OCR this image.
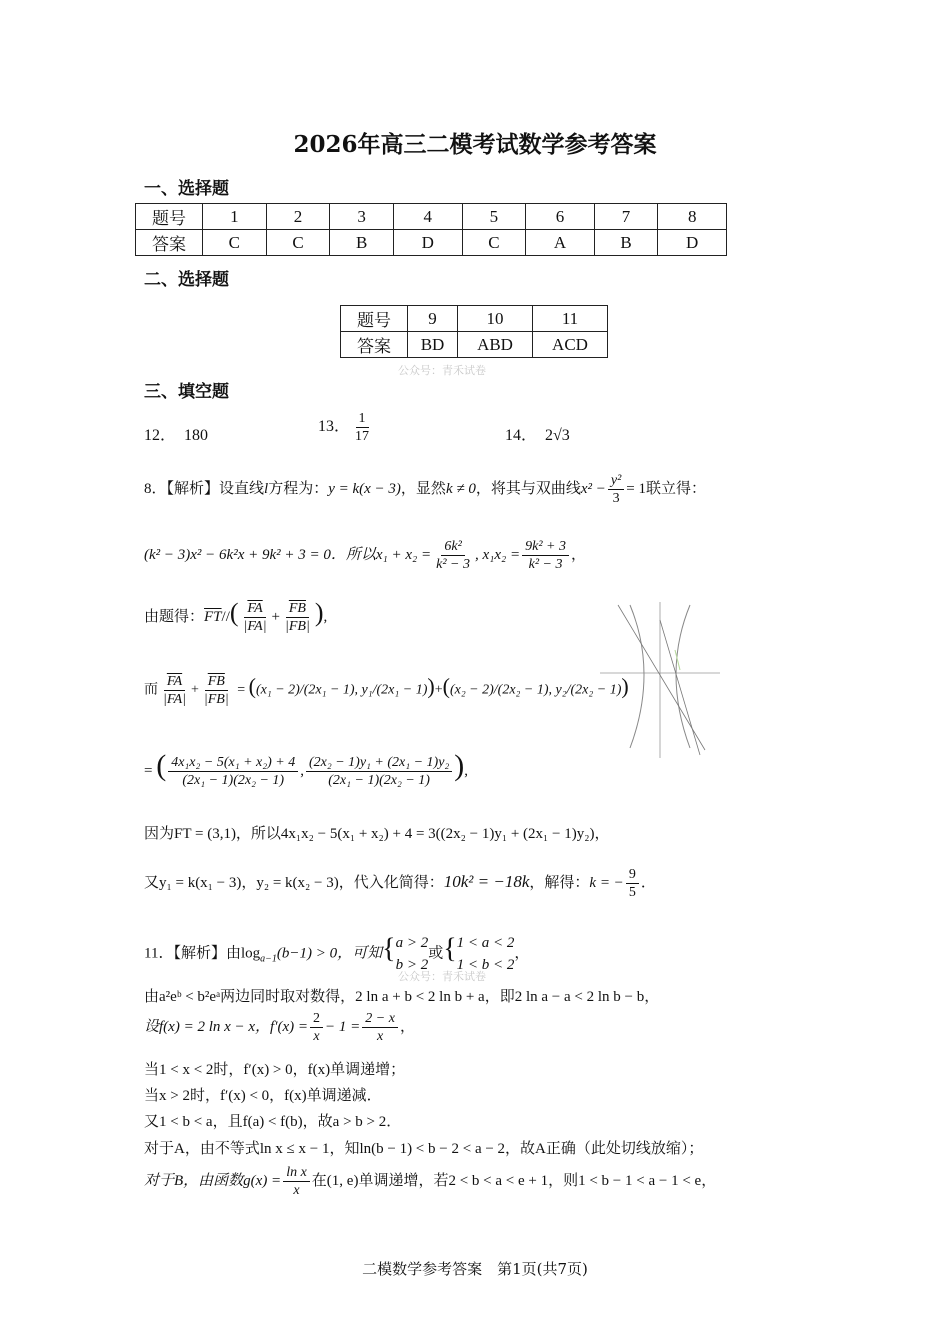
2026年高三二模考试数学参考答案
一、选择题
题号	1	2	3	4	5	6	7	8
答案	C	C	B	D	C	A	B	D
二、选择题
题号	9	10	11
答案	BD	ABD	ACD
公众号：青禾试卷
三、填空题
12． 180
13． $\frac{1}{17}$	14． 2√3
8．【解析】设直线l方程为：y = k(x − 3)，显然k ≠ 0，将其与双曲线$x^2 - \frac{\text{y²}}{3} = 1$联立得：
(k² − 3)x² − 6k²x + 9k² + 3 = 0．所以$x_1 + x_2 = \frac{\text{6k²}}{\text{k² − 3}}$ , $x_1x_2 = \frac{\text{9k² + 3}}{\text{k² − 3}}$ ，
由题得：$\overline{FT}//( \frac{\overline{FA}}{|FA|} + \frac{\overline{FB}}{|FB|}$ ),
而 $\frac{\overline{FA}}{|FA|} + \frac{\overline{FB}}{|FB|} = ((x_1 - 2)/(2x_1 - 1)$, y₁/(2x₁ − 1))+((x₂ − 2)/(2x₂ − 1), y₂/(2x₂ − 1))
= ( $\frac{\text{4x₁x₂ − 5(x₁ + x₂) + 4}}{\text{(2x₁ − 1)(2x₂ − 1)}}$ , $\frac{\text{(2x₂ − 1)y₁ + (2x₁ − 1)y₂}}{\text{(2x₁ − 1)(2x₂ − 1)}}$ ),
因为FT = (3,1)，所以4x₁x₂ − 5(x₁ + x₂) + 4 = 3((2x₂ − 1)y₁ + (2x₁ − 1)y₂)，
又y₁ = k(x₁ − 3)，y₂ = k(x₂ − 3)，代入化简得：10k² = −18k，解得：k = − $\frac{9}{5}$ ．
11．【解析】由$\log_{a-1}(b-1) > 0$，可知{ a > 2
b > 2
或{ 1 < a < 2
1 < b < 2
，
公众号：青禾试卷
由a²eᵇ < b²eᵃ两边同时取对数得，2 ln a + b < 2 ln b + a，即2 ln a − a < 2 ln b − b，
设f(x) = 2 ln x − x，$f'(x) = \frac{2}{x} - 1 = \frac{2 - x}{x}$ ，
当1 < x < 2时，f′(x) > 0，f(x)单调递增；
当x > 2时，f′(x) < 0，f(x)单调递减．
又1 < b < a，且f(a) < f(b)，故a > b > 2．
对于A，由不等式ln x ≤ x − 1，知ln(b − 1) < b − 2 < a − 2，故A正确（此处切线放缩）；
对于B，由函数$g(x) = \frac{\text{ln x}}{x}$ 在(1, e)单调递增，若2 < b < a < e + 1，则1 < b − 1 < a − 1 < e，
二模数学参考答案　第1页(共7页)
